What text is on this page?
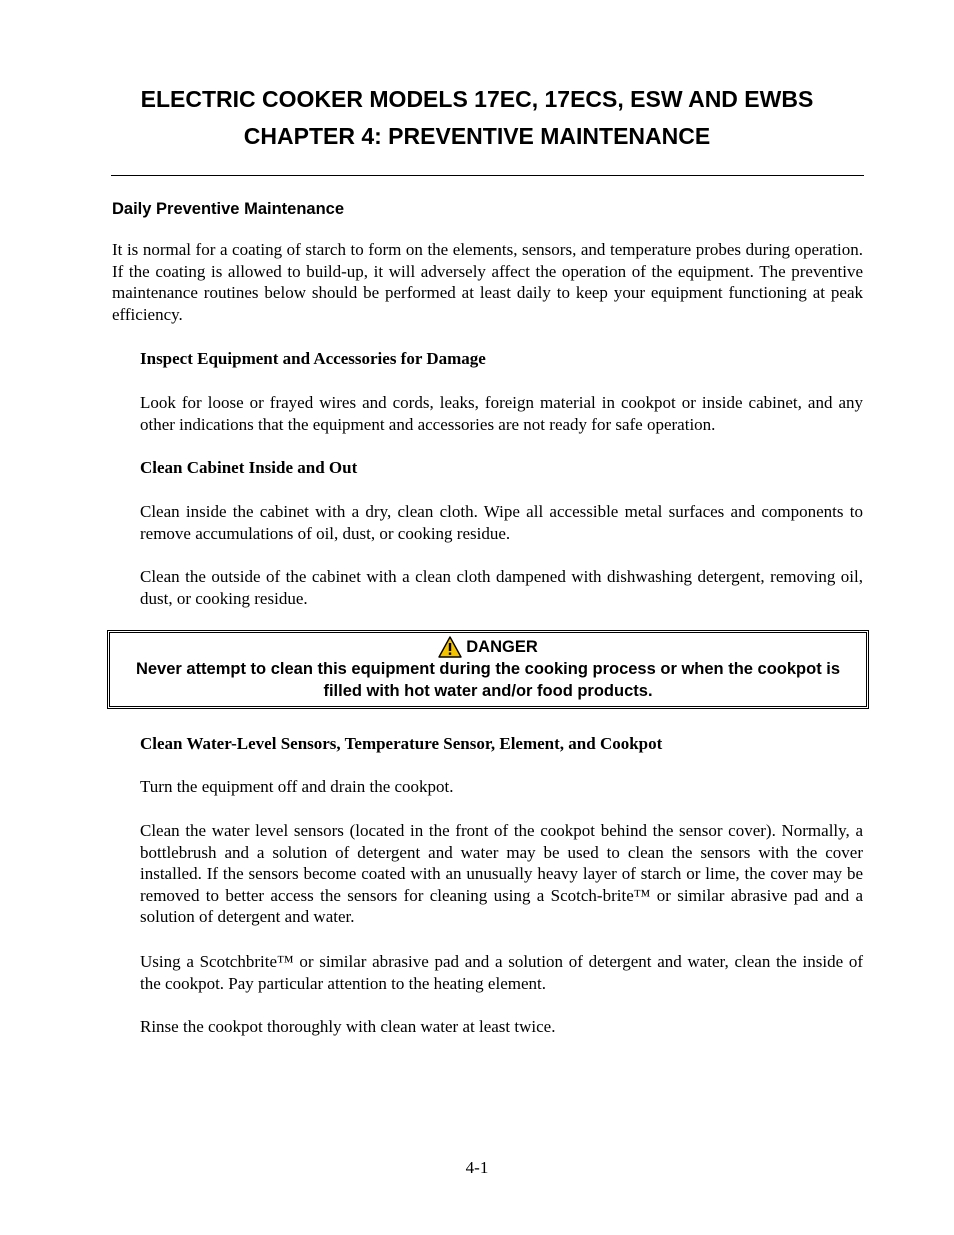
ELECTRIC COOKER MODELS 17EC, 17ECS, ESW AND EWBS
CHAPTER 4: PREVENTIVE MAINTENANCE
Daily Preventive Maintenance

It is normal for a coating of starch to form on the elements, sensors, and temperature probes during operation. If the coating is allowed to build-up, it will adversely affect the operation of the equipment. The preventive maintenance routines below should be performed at least daily to keep your equipment functioning at peak efficiency.

Inspect Equipment and Accessories for Damage

Look for loose or frayed wires and cords, leaks, foreign material in cookpot or inside cabinet, and any other indications that the equipment and accessories are not ready for safe operation.

Clean Cabinet Inside and Out

Clean inside the cabinet with a dry, clean cloth. Wipe all accessible metal surfaces and components to remove accumulations of oil, dust, or cooking residue.

Clean the outside of the cabinet with a clean cloth dampened with dishwashing detergent, removing oil, dust, or cooking residue.

DANGER
Never attempt to clean this equipment during the cooking process or when the cookpot is filled with hot water and/or food products.
Clean Water-Level Sensors, Temperature Sensor, Element, and Cookpot

Turn the equipment off and drain the cookpot.

Clean the water level sensors (located in the front of the cookpot behind the sensor cover). Normally, a bottlebrush and a solution of detergent and water may be used to clean the sensors with the cover installed. If the sensors become coated with an unusually heavy layer of starch or lime, the cover may be removed to better access the sensors for cleaning using a Scotch-brite™ or similar abrasive pad and a solution of detergent and water.

Using a Scotchbrite™ or similar abrasive pad and a solution of detergent and water, clean the inside of the cookpot. Pay particular attention to the heating element.

Rinse the cookpot thoroughly with clean water at least twice.

4-1
